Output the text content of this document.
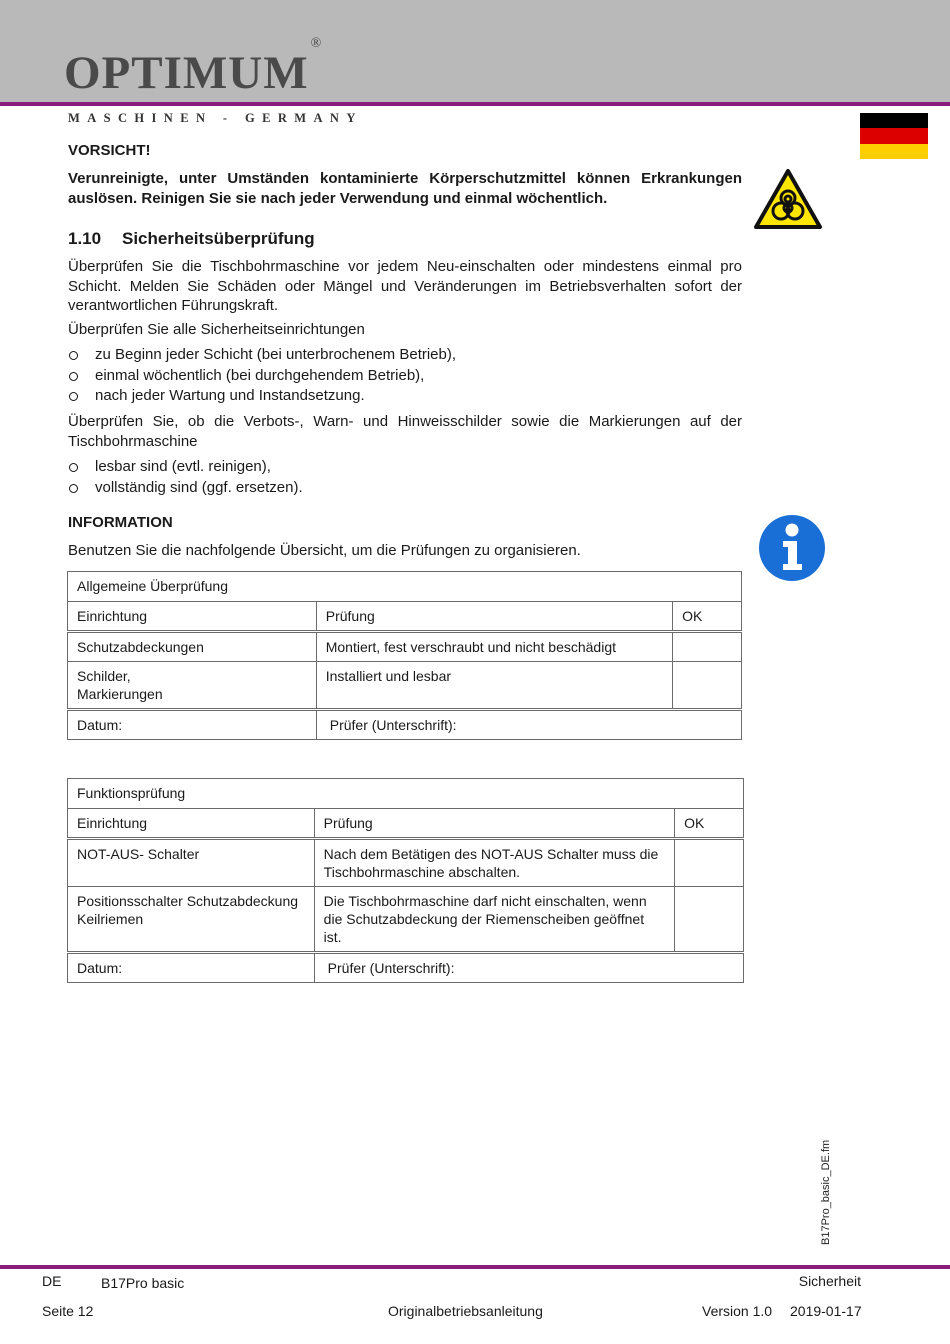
OPTIMUM®
MASCHINEN - GERMANY
VORSICHT!
Verunreinigte, unter Umständen kontaminierte Körperschutzmittel können Erkrankungen auslösen. Reinigen Sie sie nach jeder Verwendung und einmal wöchentlich.
1.10 Sicherheitsüberprüfung
Überprüfen Sie die Tischbohrmaschine vor jedem Neu-einschalten oder mindestens einmal pro Schicht. Melden Sie Schäden oder Mängel und Veränderungen im Betriebsverhalten sofort der verantwortlichen Führungskraft.
Überprüfen Sie alle Sicherheitseinrichtungen
zu Beginn jeder Schicht (bei unterbrochenem Betrieb),
einmal wöchentlich (bei durchgehendem Betrieb),
nach jeder Wartung und Instandsetzung.
Überprüfen Sie, ob die Verbots-, Warn- und Hinweisschilder sowie die Markierungen auf der Tischbohrmaschine
lesbar sind (evtl. reinigen),
vollständig sind (ggf. ersetzen).
INFORMATION
Benutzen Sie die nachfolgende Übersicht, um die Prüfungen zu organisieren.
Allgemeine Überprüfung		
Einrichtung	Prüfung	OK
Schutzabdeckungen	Montiert, fest verschraubt und nicht beschädigt	
Schilder,
Markierungen	Installiert und lesbar	
Datum:	Prüfer (Unterschrift):	
Funktionsprüfung		
Einrichtung	Prüfung	OK
NOT-AUS- Schalter	Nach dem Betätigen des NOT-AUS Schalter muss die Tischbohrmaschine abschalten.	
Positionsschalter Schutzabdeckung Keilriemen	Die Tischbohrmaschine darf nicht einschalten, wenn die Schutzabdeckung der Riemenscheiben geöffnet ist.	
Datum:	Prüfer (Unterschrift):	
B17Pro_basic_DE.fm
DE	B17Pro basic	Sicherheit
Seite 12	Originalbetriebsanleitung	Version 1.0 2019-01-17
